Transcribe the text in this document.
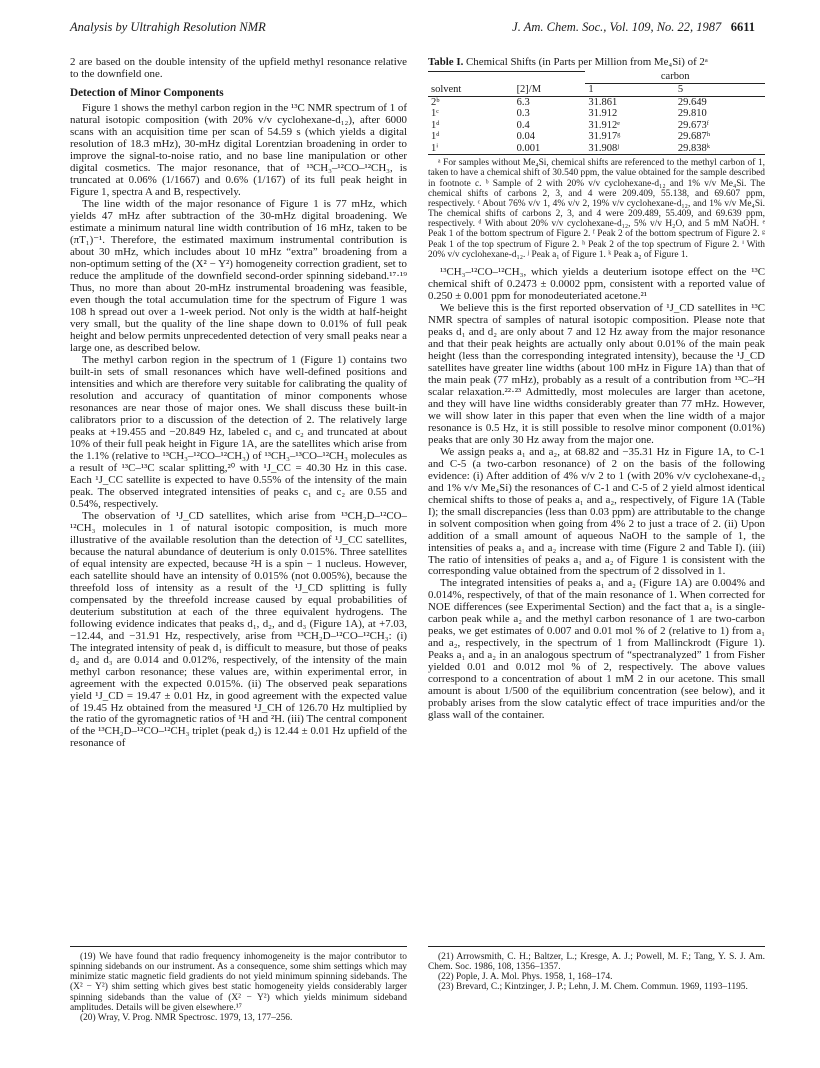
Analysis by Ultrahigh Resolution NMR	J. Am. Chem. Soc., Vol. 109, No. 22, 1987 6611

2 are based on the double intensity of the upfield methyl resonance relative to the downfield one.

Detection of Minor Components

Figure 1 shows the methyl carbon region in the ¹³C NMR spectrum of 1 of natural isotopic composition (with 20% v/v cyclohexane-d₁₂), after 6000 scans with an acquisition time per scan of 54.59 s (which yields a digital resolution of 18.3 mHz), 30-mHz digital Lorentzian broadening in order to improve the signal-to-noise ratio, and no base line manipulation or other digital cosmetics. The major resonance, that of ¹³CH₃–¹²CO–¹²CH₃, is truncated at 0.06% (1/1667) and 0.6% (1/167) of its full peak height in Figure 1, spectra A and B, respectively.

The line width of the major resonance of Figure 1 is 77 mHz, which yields 47 mHz after subtraction of the 30-mHz digital broadening. We estimate a minimum natural line width contribution of 16 mHz, taken to be (πT₁)⁻¹. Therefore, the estimated maximum instrumental contribution is about 30 mHz, which includes about 10 mHz “extra” broadening from a non-optimum setting of the (X² − Y²) homogeneity correction gradient, set to reduce the amplitude of the downfield second-order spinning sideband.¹⁷·¹⁹ Thus, no more than about 20-mHz instrumental broadening was feasible, even though the total accumulation time for the spectrum of Figure 1 was 108 h spread out over a 1-week period. Not only is the width at half-height very small, but the quality of the line shape down to 0.01% of full peak height and below permits unprecedented detection of very small peaks near a large one, as described below.

The methyl carbon region in the spectrum of 1 (Figure 1) contains two built-in sets of small resonances which have well-defined positions and intensities and which are therefore very suitable for calibrating the quality of resolution and accuracy of quantitation of minor components whose resonances are near those of major ones. We shall discuss these built-in calibrators prior to a discussion of the detection of 2. The relatively large peaks at +19.455 and −20.849 Hz, labeled c₁ and c₂ and truncated at about 10% of their full peak height in Figure 1A, are the satellites which arise from the 1.1% (relative to ¹³CH₃–¹²CO–¹²CH₃) of ¹³CH₃–¹³CO–¹²CH₃ molecules as a result of ¹³C–¹³C scalar splitting,²⁰ with ¹J_CC = 40.30 Hz in this case. Each ¹J_CC satellite is expected to have 0.55% of the intensity of the main peak. The observed integrated intensities of peaks c₁ and c₂ are 0.55 and 0.54%, respectively.

The observation of ¹J_CD satellites, which arise from ¹³CH₂D–¹²CO–¹²CH₃ molecules in 1 of natural isotopic composition, is much more illustrative of the available resolution than the detection of ¹J_CC satellites, because the natural abundance of deuterium is only 0.015%. Three satellites of equal intensity are expected, because ²H is a spin − 1 nucleus. However, each satellite should have an intensity of 0.015% (not 0.005%), because the threefold loss of intensity as a result of the ¹J_CD splitting is fully compensated by the threefold increase caused by equal probabilities of deuterium substitution at each of the three equivalent hydrogens. The following evidence indicates that peaks d₁, d₂, and d₃ (Figure 1A), at +7.03, −12.44, and −31.91 Hz, respectively, arise from ¹³CH₂D–¹²CO–¹²CH₃: (i) The integrated intensity of peak d₁ is difficult to measure, but those of peaks d₂ and d₃ are 0.014 and 0.012%, respectively, of the intensity of the main methyl carbon resonance; these values are, within experimental error, in agreement with the expected 0.015%. (ii) The observed peak separations yield ¹J_CD = 19.47 ± 0.01 Hz, in good agreement with the expected value of 19.45 Hz obtained from the measured ¹J_CH of 126.70 Hz multiplied by the ratio of the gyromagnetic ratios of ¹H and ²H. (iii) The central component of the ¹³CH₂D–¹²CO–¹²CH₃ triplet (peak d₂) is 12.44 ± 0.01 Hz upfield of the resonance of

Table I. Chemical Shifts (in Parts per Million from Me₄Si) of 2ᵃ
		carbon	
solvent	[2]/M	1	5
2ᵇ	6.3	31.861	29.649
1ᶜ	0.3	31.912	29.810
1ᵈ	0.4	31.912ᵉ	29.673ᶠ
1ᵈ	0.04	31.917ᵍ	29.687ʰ
1ⁱ	0.001	31.908ʲ	29.838ᵏ
ᵃ For samples without Me₄Si, chemical shifts are referenced to the methyl carbon of 1, taken to have a chemical shift of 30.540 ppm, the value obtained for the sample described in footnote c. ᵇ Sample of 2 with 20% v/v cyclohexane-d₁₂ and 1% v/v Me₄Si. The chemical shifts of carbons 2, 3, and 4 were 209.409, 55.138, and 69.607 ppm, respectively. ᶜ About 76% v/v 1, 4% v/v 2, 19% v/v cyclohexane-d₁₂, and 1% v/v Me₄Si. The chemical shifts of carbons 2, 3, and 4 were 209.489, 55.409, and 69.639 ppm, respectively. ᵈ With about 20% v/v cyclohexane-d₁₂, 5% v/v H₂O, and 5 mM NaOH. ᵉ Peak 1 of the bottom spectrum of Figure 2. ᶠ Peak 2 of the bottom spectrum of Figure 2. ᵍ Peak 1 of the top spectrum of Figure 2. ʰ Peak 2 of the top spectrum of Figure 2. ⁱ With 20% v/v cyclohexane-d₁₂. ʲ Peak a₁ of Figure 1. ᵏ Peak a₂ of Figure 1.

¹³CH₃–¹²CO–¹²CH₃, which yields a deuterium isotope effect on the ¹³C chemical shift of 0.2473 ± 0.0002 ppm, consistent with a reported value of 0.250 ± 0.001 ppm for monodeuteriated acetone.²¹

We believe this is the first reported observation of ¹J_CD satellites in ¹³C NMR spectra of samples of natural isotopic composition. Please note that peaks d₁ and d₂ are only about 7 and 12 Hz away from the major resonance and that their peak heights are actually only about 0.01% of the main peak height (less than the corresponding integrated intensity), because the ¹J_CD satellites have greater line widths (about 100 mHz in Figure 1A) than that of the main peak (77 mHz), probably as a result of a contribution from ¹³C–²H scalar relaxation.²²·²³ Admittedly, most molecules are larger than acetone, and they will have line widths considerably greater than 77 mHz. However, we will show later in this paper that even when the line width of a major resonance is 0.5 Hz, it is still possible to resolve minor component (0.01%) peaks that are only 30 Hz away from the major one.

We assign peaks a₁ and a₂, at 68.82 and −35.31 Hz in Figure 1A, to C-1 and C-5 (a two-carbon resonance) of 2 on the basis of the following evidence: (i) After addition of 4% v/v 2 to 1 (with 20% v/v cyclohexane-d₁₂ and 1% v/v Me₄Si) the resonances of C-1 and C-5 of 2 yield almost identical chemical shifts to those of peaks a₁ and a₂, respectively, of Figure 1A (Table I); the small discrepancies (less than 0.03 ppm) are attributable to the change in solvent composition when going from 4% 2 to just a trace of 2. (ii) Upon addition of a small amount of aqueous NaOH to the sample of 1, the intensities of peaks a₁ and a₂ increase with time (Figure 2 and Table I). (iii) The ratio of intensities of peaks a₁ and a₂ of Figure 1 is consistent with the corresponding value obtained from the spectrum of 2 dissolved in 1.

The integrated intensities of peaks a₁ and a₂ (Figure 1A) are 0.004% and 0.014%, respectively, of that of the main resonance of 1. When corrected for NOE differences (see Experimental Section) and the fact that a₁ is a single-carbon peak while a₂ and the methyl carbon resonance of 1 are two-carbon peaks, we get estimates of 0.007 and 0.01 mol % of 2 (relative to 1) from a₁ and a₂, respectively, in the spectrum of 1 from Mallinckrodt (Figure 1). Peaks a₁ and a₂ in an analogous spectrum of “spectranalyzed” 1 from Fisher yielded 0.01 and 0.012 mol % of 2, respectively. The above values correspond to a concentration of about 1 mM 2 in our acetone. This small amount is about 1/500 of the equilibrium concentration (see below), and it probably arises from the slow catalytic effect of trace impurities and/or the glass wall of the container.

(19) We have found that radio frequency inhomogeneity is the major contributor to spinning sidebands on our instrument. As a consequence, some shim settings which may minimize static magnetic field gradients do not yield minimum spinning sidebands. The (X² − Y²) shim setting which gives best static homogeneity yields considerably larger spinning sidebands than the value of (X² − Y²) which yields minimum sideband amplitudes. Details will be given elsewhere.¹⁷

(20) Wray, V. Prog. NMR Spectrosc. 1979, 13, 177–256.

(21) Arrowsmith, C. H.; Baltzer, L.; Kresge, A. J.; Powell, M. F.; Tang, Y. S. J. Am. Chem. Soc. 1986, 108, 1356–1357.

(22) Pople, J. A. Mol. Phys. 1958, 1, 168–174.

(23) Brevard, C.; Kintzinger, J. P.; Lehn, J. M. Chem. Commun. 1969, 1193–1195.
